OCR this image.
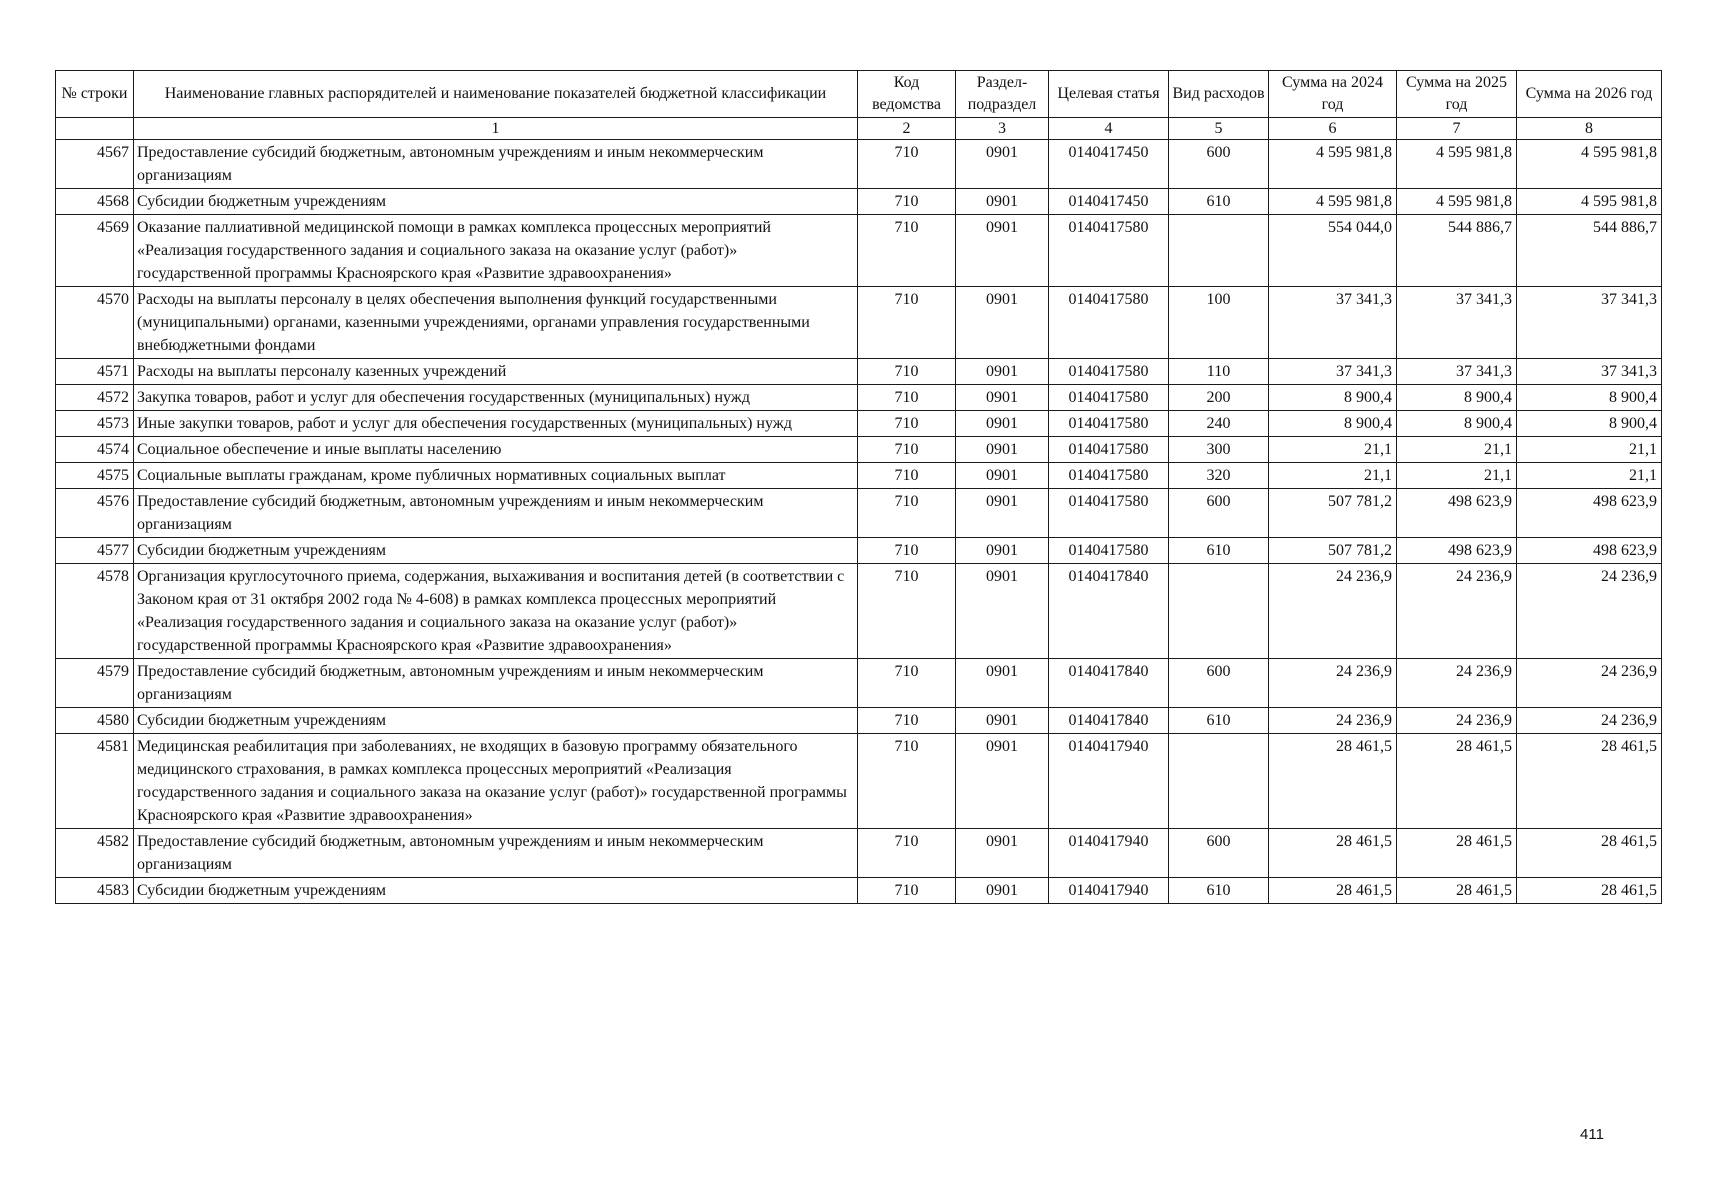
№ строки	Наименование главных распорядителей и наименование показателей бюджетной классификации	Код ведомства	Раздел-подраздел	Целевая статья	Вид расходов	Сумма на 2024 год	Сумма на 2025 год	Сумма на 2026 год
	1	2	3	4	5	6	7	8
4567	Предоставление субсидий бюджетным, автономным учреждениям и иным некоммерческим организациям	710	0901	0140417450	600	4 595 981,8	4 595 981,8	4 595 981,8
4568	Субсидии бюджетным учреждениям	710	0901	0140417450	610	4 595 981,8	4 595 981,8	4 595 981,8
4569	Оказание паллиативной медицинской помощи в рамках комплекса процессных мероприятий «Реализация государственного задания и социального заказа на оказание услуг (работ)» государственной программы Красноярского края «Развитие здравоохранения»	710	0901	0140417580		554 044,0	544 886,7	544 886,7
4570	Расходы на выплаты персоналу в целях обеспечения выполнения функций государственными (муниципальными) органами, казенными учреждениями, органами управления государственными внебюджетными фондами	710	0901	0140417580	100	37 341,3	37 341,3	37 341,3
4571	Расходы на выплаты персоналу казенных учреждений	710	0901	0140417580	110	37 341,3	37 341,3	37 341,3
4572	Закупка товаров, работ и услуг для обеспечения государственных (муниципальных) нужд	710	0901	0140417580	200	8 900,4	8 900,4	8 900,4
4573	Иные закупки товаров, работ и услуг для обеспечения государственных (муниципальных) нужд	710	0901	0140417580	240	8 900,4	8 900,4	8 900,4
4574	Социальное обеспечение и иные выплаты населению	710	0901	0140417580	300	21,1	21,1	21,1
4575	Социальные выплаты гражданам, кроме публичных нормативных социальных выплат	710	0901	0140417580	320	21,1	21,1	21,1
4576	Предоставление субсидий бюджетным, автономным учреждениям и иным некоммерческим организациям	710	0901	0140417580	600	507 781,2	498 623,9	498 623,9
4577	Субсидии бюджетным учреждениям	710	0901	0140417580	610	507 781,2	498 623,9	498 623,9
4578	Организация круглосуточного приема, содержания, выхаживания и воспитания детей (в соответствии с Законом края от 31 октября 2002 года № 4-608) в рамках комплекса процессных мероприятий «Реализация государственного задания и социального заказа на оказание услуг (работ)» государственной программы Красноярского края «Развитие здравоохранения»	710	0901	0140417840		24 236,9	24 236,9	24 236,9
4579	Предоставление субсидий бюджетным, автономным учреждениям и иным некоммерческим организациям	710	0901	0140417840	600	24 236,9	24 236,9	24 236,9
4580	Субсидии бюджетным учреждениям	710	0901	0140417840	610	24 236,9	24 236,9	24 236,9
4581	Медицинская реабилитация при заболеваниях, не входящих в базовую программу обязательного медицинского страхования, в рамках комплекса процессных мероприятий «Реализация государственного задания и социального заказа на оказание услуг (работ)» государственной программы Красноярского края «Развитие здравоохранения»	710	0901	0140417940		28 461,5	28 461,5	28 461,5
4582	Предоставление субсидий бюджетным, автономным учреждениям и иным некоммерческим организациям	710	0901	0140417940	600	28 461,5	28 461,5	28 461,5
4583	Субсидии бюджетным учреждениям	710	0901	0140417940	610	28 461,5	28 461,5	28 461,5
411
